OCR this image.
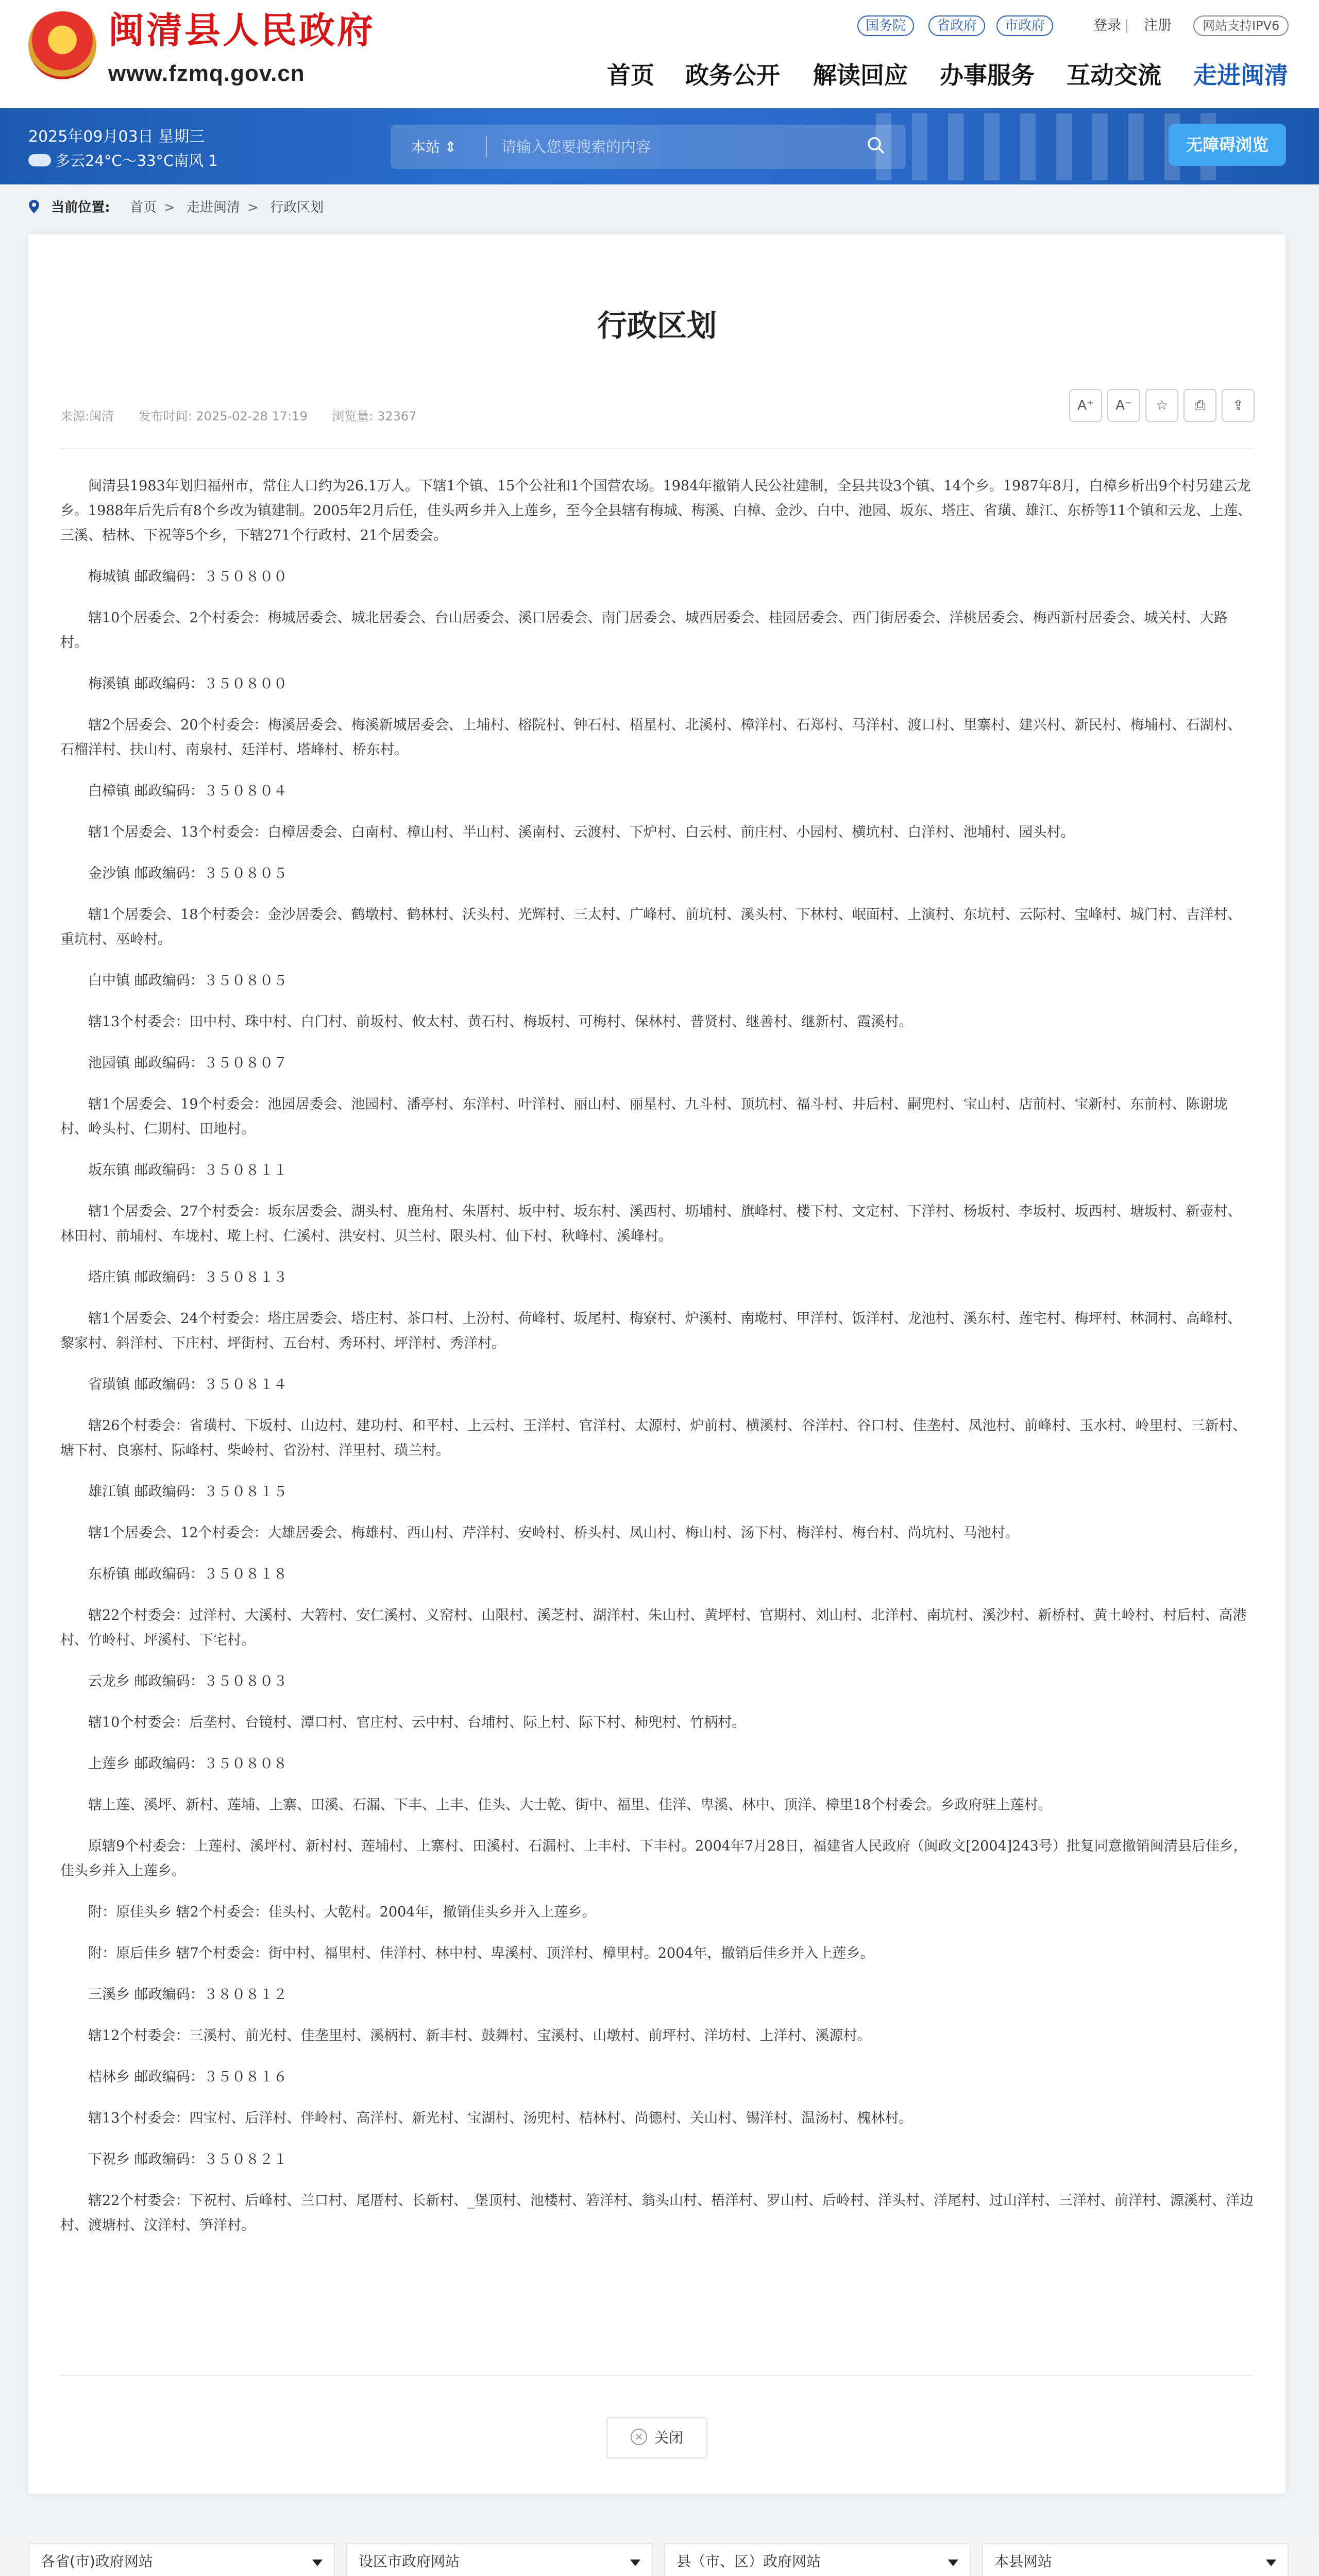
★	闽清县人民政府
www.fzmq.gov.cn
国务院	省政府	市政府	登录 | 注册	网站支持IPV6
首页 政务公开 解读回应 办事服务 互动交流 走进闽清
2025年09月03日 星期三
多云24°C～33°C南风 1
本站 ⇕
请输入您要搜索的内容	无障碍浏览
当前位置: 首页 > 走进闽清 > 行政区划
行政区划
来源:闽清 发布时间: 2025-02-28 17:19 浏览量: 32367
A⁺	A⁻	☆	⎙	⇪

闽清县1983年划归福州市，常住人口约为26.1万人。下辖1个镇、15个公社和1个国营农场。1984年撤销人民公社建制，全县共设3个镇、14个乡。1987年8月，白樟乡析出9个村另建云龙乡。1988年后先后有8个乡改为镇建制。2005年2月后任，佳头两乡并入上莲乡，至今全县辖有梅城、梅溪、白樟、金沙、白中、池园、坂东、塔庄、省璜、雄江、东桥等11个镇和云龙、上莲、三溪、桔林、下祝等5个乡，下辖271个行政村、21个居委会。

梅城镇 邮政编码：３５０８００

辖10个居委会、2个村委会：梅城居委会、城北居委会、台山居委会、溪口居委会、南门居委会、城西居委会、桂园居委会、西门街居委会、洋桃居委会、梅西新村居委会、城关村、大路村。

梅溪镇 邮政编码：３５０８００

辖2个居委会、20个村委会：梅溪居委会、梅溪新城居委会、上埔村、榕院村、钟石村、梧星村、北溪村、樟洋村、石郑村、马洋村、渡口村、里寨村、建兴村、新民村、梅埔村、石湖村、石榴洋村、扶山村、南泉村、廷洋村、塔峰村、桥东村。

白樟镇 邮政编码：３５０８０４

辖1个居委会、13个村委会：白樟居委会、白南村、樟山村、半山村、溪南村、云渡村、下炉村、白云村、前庄村、小园村、横坑村、白洋村、池埔村、园头村。

金沙镇 邮政编码：３５０８０５

辖1个居委会、18个村委会：金沙居委会、鹤墩村、鹤林村、沃头村、光辉村、三太村、广峰村、前坑村、溪头村、下林村、岷面村、上演村、东坑村、云际村、宝峰村、城门村、吉洋村、重坑村、巫岭村。

白中镇 邮政编码：３５０８０５

辖13个村委会：田中村、珠中村、白门村、前坂村、攸太村、黄石村、梅坂村、可梅村、保林村、普贤村、继善村、继新村、霞溪村。

池园镇 邮政编码：３５０８０７

辖1个居委会、19个村委会：池园居委会、池园村、潘亭村、东洋村、叶洋村、丽山村、丽星村、九斗村、顶坑村、福斗村、井后村、嗣兜村、宝山村、店前村、宝新村、东前村、陈谢垅村、岭头村、仁期村、田地村。

坂东镇 邮政编码：３５０８１１

辖1个居委会、27个村委会：坂东居委会、湖头村、鹿角村、朱厝村、坂中村、坂东村、溪西村、坜埔村、旗峰村、楼下村、文定村、下洋村、杨坂村、李坂村、坂西村、塘坂村、新壶村、林田村、前埔村、车垅村、墘上村、仁溪村、洪安村、贝兰村、限头村、仙下村、秋峰村、溪峰村。

塔庄镇 邮政编码：３５０８１３

辖1个居委会、24个村委会：塔庄居委会、塔庄村、茶口村、上汾村、荷峰村、坂尾村、梅寮村、炉溪村、南墘村、甲洋村、饭洋村、龙池村、溪东村、莲宅村、梅坪村、林洞村、高峰村、黎家村、斜洋村、下庄村、坪街村、五台村、秀环村、坪洋村、秀洋村。

省璜镇 邮政编码：３５０８１４

辖26个村委会：省璜村、下坂村、山边村、建功村、和平村、上云村、王洋村、官洋村、太源村、炉前村、横溪村、谷洋村、谷口村、佳垄村、凤池村、前峰村、玉水村、岭里村、三新村、塘下村、良寨村、际峰村、柴岭村、省汾村、洋里村、璜兰村。

雄江镇 邮政编码：３５０８１５

辖1个居委会、12个村委会：大雄居委会、梅雄村、西山村、芹洋村、安岭村、桥头村、凤山村、梅山村、汤下村、梅洋村、梅台村、尚坑村、马池村。

东桥镇 邮政编码：３５０８１８

辖22个村委会：过洋村、大溪村、大箬村、安仁溪村、义窑村、山限村、溪芝村、湖洋村、朱山村、黄坪村、官期村、刘山村、北洋村、南坑村、溪沙村、新桥村、黄土岭村、村后村、高港村、竹岭村、坪溪村、下宅村。

云龙乡 邮政编码：３５０８０３

辖10个村委会：后垄村、台镜村、潭口村、官庄村、云中村、台埔村、际上村、际下村、柿兜村、竹柄村。

上莲乡 邮政编码：３５０８０８

辖上莲、溪坪、新村、莲埔、上寨、田溪、石漏、下丰、上丰、佳头、大士乾、街中、福里、佳洋、卑溪、林中、顶洋、樟里18个村委会。乡政府驻上莲村。

原辖9个村委会：上莲村、溪坪村、新村村、莲埔村、上寨村、田溪村、石漏村、上丰村、下丰村。2004年7月28日，福建省人民政府（闽政文[2004]243号）批复同意撤销闽清县后佳乡，佳头乡并入上莲乡。

附：原佳头乡 辖2个村委会：佳头村、大乾村。2004年，撤销佳头乡并入上莲乡。

附：原后佳乡 辖7个村委会：街中村、福里村、佳洋村、林中村、卑溪村、顶洋村、樟里村。2004年，撤销后佳乡并入上莲乡。

三溪乡 邮政编码：３８０８１２

辖12个村委会：三溪村、前光村、佳垄里村、溪柄村、新丰村、鼓舞村、宝溪村、山墩村、前坪村、洋坊村、上洋村、溪源村。

桔林乡 邮政编码：３５０８１６

辖13个村委会：四宝村、后洋村、伴岭村、高洋村、新光村、宝湖村、汤兜村、桔林村、尚德村、关山村、锡洋村、温汤村、槐林村。

下祝乡 邮政编码：３５０８２１

辖22个村委会：下祝村、后峰村、兰口村、尾厝村、长新村、_堡顶村、池楼村、箬洋村、翁头山村、梧洋村、罗山村、后岭村、洋头村、洋尾村、过山洋村、三洋村、前洋村、源溪村、洋边村、渡塘村、汶洋村、笋洋村。

✕ 关闭
各省(市)政府网站	设区市政府网站	县（市、区）政府网站	本县网站
